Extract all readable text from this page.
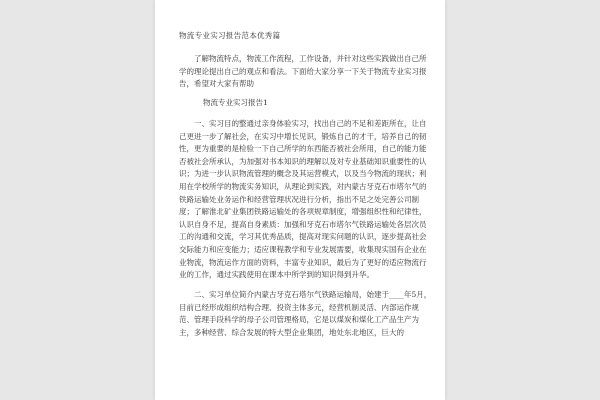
物流专业实习报告范本优秀篇

了解物流特点，物流工作流程，工作设备，并针对这些实践做出自己所学的理论提出自己的观点和看法。下面给大家分享一下关于物流专业实习报告，希望对大家有帮助

物流专业实习报告1

一、实习目的整通过亲身体验实习，找出自己的不足和差距所在，让自己更进一步了解社会，在实习中增长见识，锻炼自己的才干，培养自己的韧性，更为重要的是检验一下自己所学的东西能否被社会所用，自己的能力能否被社会所承认，为加强对书本知识的理解以及对专业基础知识重要性的认识；为进一步认识物流管理的概念及其运营模式，以及当今物流的现状；利用在学校所学的物流实务知识，从理论到实践，对内蒙古牙克石市塔尔气的铁路运输处业务运作和经营管理状况进行分析，指出不足之处完善公司制度；了解淮北矿业集团铁路运输处的各项规章制度，增强组织性和纪律性，认识自身不足，提高自身素质：加强和牙克石市塔尔气铁路运输处各层次员工的沟通和交流，学习其优秀品质，提高对现实问题的认识，逐步提高社会交际能力和应变能力；适应课程教学和专业发展需要，收集现实国有企业在业物流，物流运作方面的资料，丰富专业知识，最后为了更好的适应物流行业的工作，通过实践使用在课本中所学到的知识得到升华。

二、实习单位简介内蒙古牙克石塔尔气铁路运输局，始建于____年5月，目前已经形成组织结构合理、投资主体多元，经营机制灵活、内部运作规范、管理手段科学的母子公司管理格局，它是以煤炭和煤化工产品生产为主，多种经营、综合发展的特大型企业集团，地处东北地区，巨大的
